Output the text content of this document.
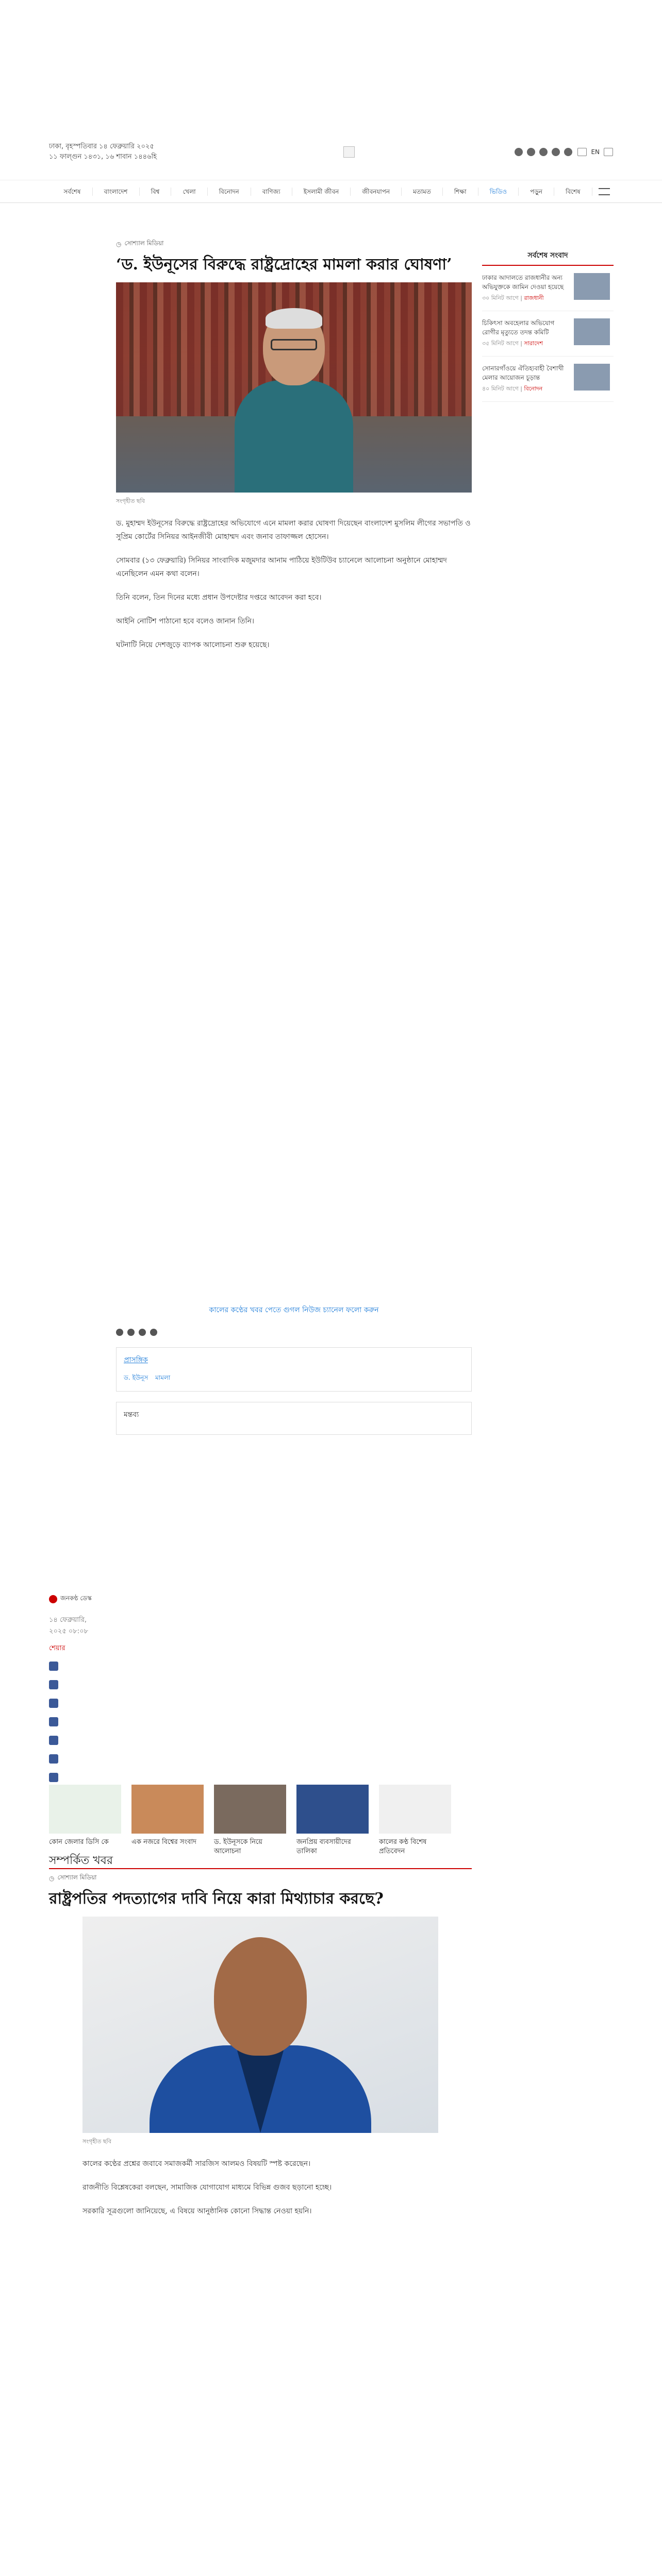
ঢাকা, বৃহস্পতিবার ১৪ ফেব্রুয়ারি ২০২৫
১১ ফাল্গুন ১৪৩১, ১৬ শাবান ১৪৪৬হি
EN
সর্বশেষ	বাংলাদেশ	বিশ্ব	খেলা	বিনোদন	বাণিজ্য	ইসলামী জীবন	জীবনযাপন	মতামত	শিক্ষা	ভিডিও	পড়ুন	বিশেষ
◷ সোশ্যাল মিডিয়া
‘ড. ইউনূসের বিরুদ্ধে রাষ্ট্রদ্রোহের মামলা করার ঘোষণা’
সংগৃহীত ছবি

ড. মুহাম্মদ ইউনূসের বিরুদ্ধে রাষ্ট্রদ্রোহের অভিযোগে এনে মামলা করার ঘোষণা দিয়েছেন বাংলাদেশ মুসলিম লীগের সভাপতি ও সুপ্রিম কোর্টের সিনিয়র আইনজীবী মোহাম্মদ এবং জনাব তাফাজ্জল হোসেন।

সোমবার (১৩ ফেব্রুয়ারি) সিনিয়র সাংবাদিক মজুমদার আনাম পাঠিয়ে ইউটিউব চ্যানেলে আলোচনা অনুষ্ঠানে মোহাম্মদ এনেছিলেন এমন কথা বলেন।

তিনি বলেন, তিন দিনের মধ্যে প্রধান উপদেষ্টার দপ্তরে আবেদন করা হবে।

আইনি নোটিশ পাঠানো হবে বলেও জানান তিনি।

ঘটনাটি নিয়ে দেশজুড়ে ব্যাপক আলোচনা শুরু হয়েছে।

কালের কণ্ঠের খবর পেতে গুগল নিউজ চ্যানেল ফলো করুন
প্রাসঙ্গিক
ড. ইউনূস মামলা
মন্তব্য
জনকণ্ঠ ডেস্ক
১৪ ফেব্রুয়ারি,
২০২৫ ০৮:০৮
শেয়ার
সর্বশেষ সংবাদ
ঢাকার আদালতে রাজধানীর অন্য অভিযুক্তকে জামিন দেওয়া হয়েছে
৩০ মিনিট আগে | রাজধানী
চিকিৎসা অবহেলার অভিযোগ রোগীর মৃত্যুতে তদন্ত কমিটি
৩৫ মিনিট আগে | সারাদেশ
সোনারগাঁওয়ে ঐতিহ্যবাহী বৈশাখী মেলার আয়োজন চূড়ান্ত
৪০ মিনিট আগে | বিনোদন
কোন জেলার ডিসি কে	এক নজরে বিশ্বের সংবাদ	ড. ইউনূসকে নিয়ে আলোচনা
জনপ্রিয় ব্যবসায়ীদের তালিকা
কালের কণ্ঠ বিশেষ প্রতিবেদন
সম্পর্কিত খবর
◷ সোশ্যাল মিডিয়া
রাষ্ট্রপতির পদত্যাগের দাবি নিয়ে কারা মিথ্যাচার করছে?
সংগৃহীত ছবি

কালের কণ্ঠের প্রশ্নের জবাবে সমাজকর্মী সারজিস আলমও বিষয়টি স্পষ্ট করেছেন।

রাজনীতি বিশ্লেষকেরা বলছেন, সামাজিক যোগাযোগ মাধ্যমে বিভিন্ন গুজব ছড়ানো হচ্ছে।

সরকারি সূত্রগুলো জানিয়েছে, এ বিষয়ে আনুষ্ঠানিক কোনো সিদ্ধান্ত নেওয়া হয়নি।
